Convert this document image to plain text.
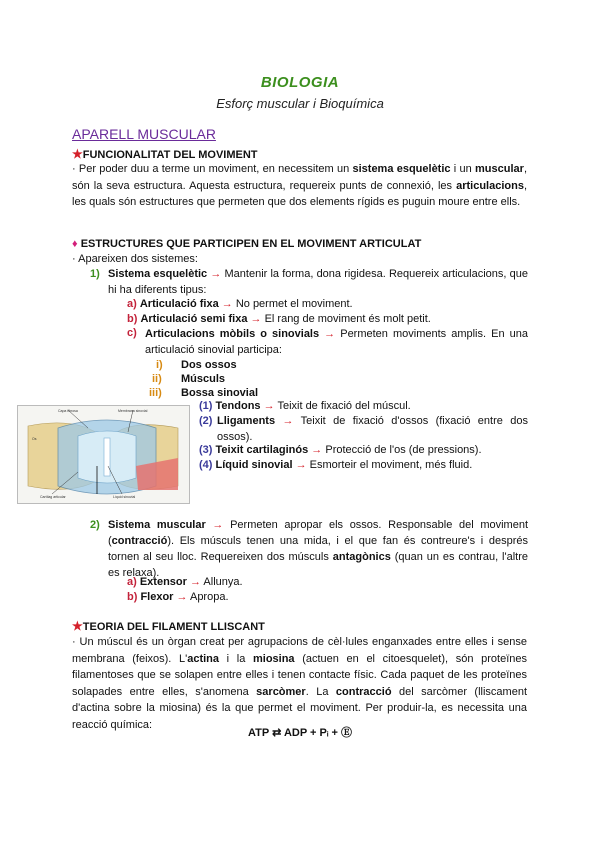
BIOLOGIA
Esforç muscular i Bioquímica
APARELL MUSCULAR
★FUNCIONALITAT DEL MOVIMENT
· Per poder duu a terme un moviment, en necessitem un sistema esquelètic i un muscular, són la seva estructura. Aquesta estructura, requereix punts de connexió, les articulacions, les quals són estructures que permeten que dos elements rígids es puguin moure entre ells.
♦ ESTRUCTURES QUE PARTICIPEN EN EL MOVIMENT ARTICULAT
· Apareixen dos sistemes:
1) Sistema esquelètic → Mantenir la forma, dona rigidesa. Requereix articulacions, que hi ha diferents tipus:
a) Articulació fixa → No permet el moviment.
b) Articulació semi fixa → El rang de moviment és molt petit.
c) Articulacions mòbils o sinovials → Permeten moviments amplis. En una articulació sinovial participa:
i) Dos ossos
ii) Músculs
iii) Bossa sinovial
Capa fibrosa	Membrana sinovial
Os
Cartílag articular	Líquid sinovial
(1) Tendons → Teixit de fixació del múscul.
(2) Lligaments → Teixit de fixació d'ossos (fixació entre dos ossos).
(3) Teixit cartilaginós → Protecció de l'os (de pressions).
(4) Líquid sinovial → Esmorteir el moviment, més fluid.
2) Sistema muscular → Permeten apropar els ossos. Responsable del moviment (contracció). Els músculs tenen una mida, i el que fan és contreure's i després tornen al seu lloc. Requereixen dos músculs antagònics (quan un es contrau, l'altre es relaxa).
a) Extensor → Allunya.
b) Flexor → Apropa.
★TEORIA DEL FILAMENT LLISCANT
· Un múscul és un òrgan creat per agrupacions de cèl·lules enganxades entre elles i sense membrana (feixos). L'actina i la miosina (actuen en el citoesquelet), són proteïnes filamentoses que se solapen entre elles i tenen contacte físic. Cada paquet de les proteïnes solapades entre elles, s'anomena sarcòmer. La contracció del sarcòmer (lliscament d'actina sobre la miosina) és la que permet el moviment. Per produir-la, es necessita una reacció química:
ATP ⇄ ADP + Pᵢ + Ⓔ
